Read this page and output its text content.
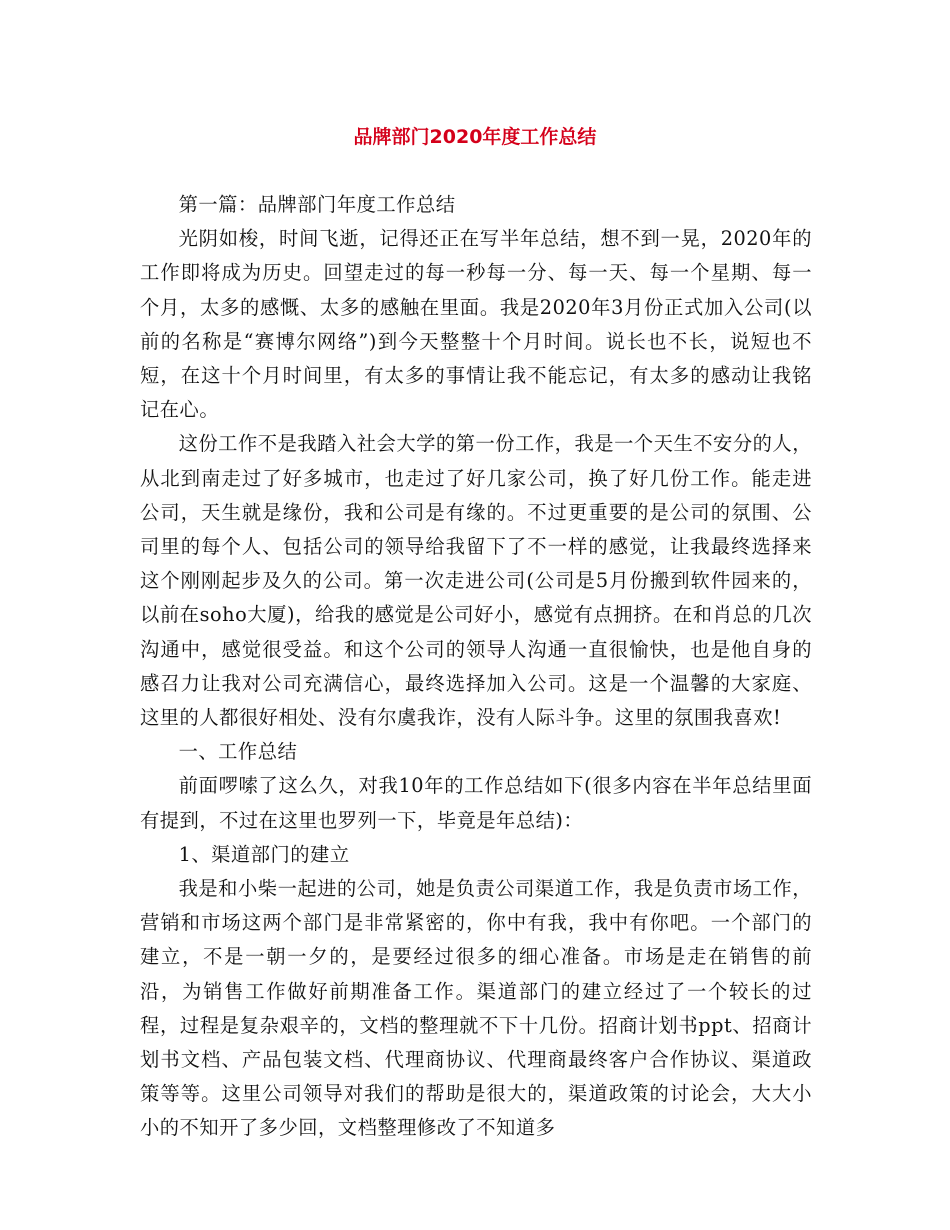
品牌部门2020年度工作总结

第一篇：品牌部门年度工作总结

光阴如梭，时间飞逝，记得还正在写半年总结，想不到一晃，2020年的工作即将成为历史。回望走过的每一秒每一分、每一天、每一个星期、每一个月，太多的感慨、太多的感触在里面。我是2020年3月份正式加入公司(以前的名称是“赛博尔网络”)到今天整整十个月时间。说长也不长，说短也不短，在这十个月时间里，有太多的事情让我不能忘记，有太多的感动让我铭记在心。

这份工作不是我踏入社会大学的第一份工作，我是一个天生不安分的人，从北到南走过了好多城市，也走过了好几家公司，换了好几份工作。能走进公司，天生就是缘份，我和公司是有缘的。不过更重要的是公司的氛围、公司里的每个人、包括公司的领导给我留下了不一样的感觉，让我最终选择来这个刚刚起步及久的公司。第一次走进公司(公司是5月份搬到软件园来的，以前在soho大厦)，给我的感觉是公司好小，感觉有点拥挤。在和肖总的几次沟通中，感觉很受益。和这个公司的领导人沟通一直很愉快，也是他自身的感召力让我对公司充满信心，最终选择加入公司。这是一个温馨的大家庭、这里的人都很好相处、没有尔虞我诈，没有人际斗争。这里的氛围我喜欢!

一、工作总结

前面啰嗦了这么久，对我10年的工作总结如下(很多内容在半年总结里面有提到，不过在这里也罗列一下，毕竟是年总结)：

1、渠道部门的建立

我是和小柴一起进的公司，她是负责公司渠道工作，我是负责市场工作，营销和市场这两个部门是非常紧密的，你中有我，我中有你吧。一个部门的建立，不是一朝一夕的，是要经过很多的细心准备。市场是走在销售的前沿，为销售工作做好前期准备工作。渠道部门的建立经过了一个较长的过程，过程是复杂艰辛的，文档的整理就不下十几份。招商计划书ppt、招商计划书文档、产品包装文档、代理商协议、代理商最终客户合作协议、渠道政策等等。这里公司领导对我们的帮助是很大的，渠道政策的讨论会，大大小小的不知开了多少回，文档整理修改了不知道多
